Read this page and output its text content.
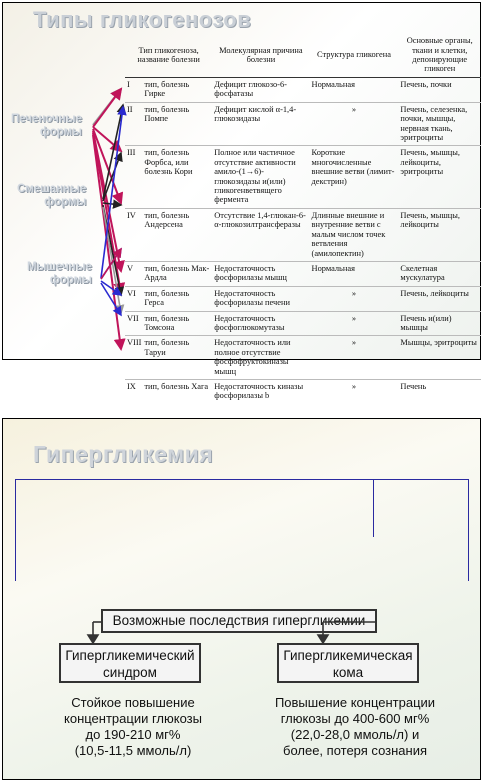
Типы гликогенозов
Печеночные
формы
Смешанные
формы
Мышечные
формы
Тип гликогеноза, название болезни		Молекулярная причина болезни	Структура гликогена	Основные органы, ткани и клетки, депонирующие гликоген
I	тип, болезнь Гирке	Дефицит глюкозо-6-фосфатазы	Нормальная	Печень, почки
II	тип, болезнь Помпе	Дефицит кислой α-1,4-глюкозидазы	»	Печень, селезенка, почки, мышцы, нервная ткань, эритроциты
III	тип, болезнь Форбса, или болезнь Кори	Полное или частичное отсутствие активности амило-(1→6)-глюкозидазы и(или) гликогенветвящего фермента	Короткие многочисленные внешние ветви (лимит-декстрин)	Печень, мышцы, лейкоциты, эритроциты
IV	тип, болезнь Андерсена	Отсутствие 1,4-глюкан-6-α-глюкозилтрансферазы	Длинные внешние и внутренние ветви с малым числом точек ветвления (амилопектин)	Печень, мышцы, лейкоциты
V	тип, болезнь Мак-Ардла	Недостаточность фосфорилазы мышц	Нормальная	Скелетная мускулатура
VI	тип, болезнь Герса	Недостаточность фосфорилазы печени	»	Печень, лейкоциты
VII	тип, болезнь Томсона	Недостаточность фосфоглюкомутазы	»	Печень и(или) мышцы
VIII	тип, болезнь Таруи	Недостаточность или полное отсутствие фосфофруктокиназы мышц	»	Мышцы, эритроциты
IX	тип, болезнь Хага	Недостаточность киназы фосфорилазы b	»	Печень
Гипергликемия
Возможные последствия гипергликемии
Гипергликемический
синдром
Гипергликемическая
кома
Стойкое повышение
концентрации глюкозы
до 190-210 мг%
(10,5-11,5 ммоль/л)
Повышение концентрации
глюкозы до 400-600 мг%
(22,0-28,0 ммоль/л) и
более, потеря сознания
